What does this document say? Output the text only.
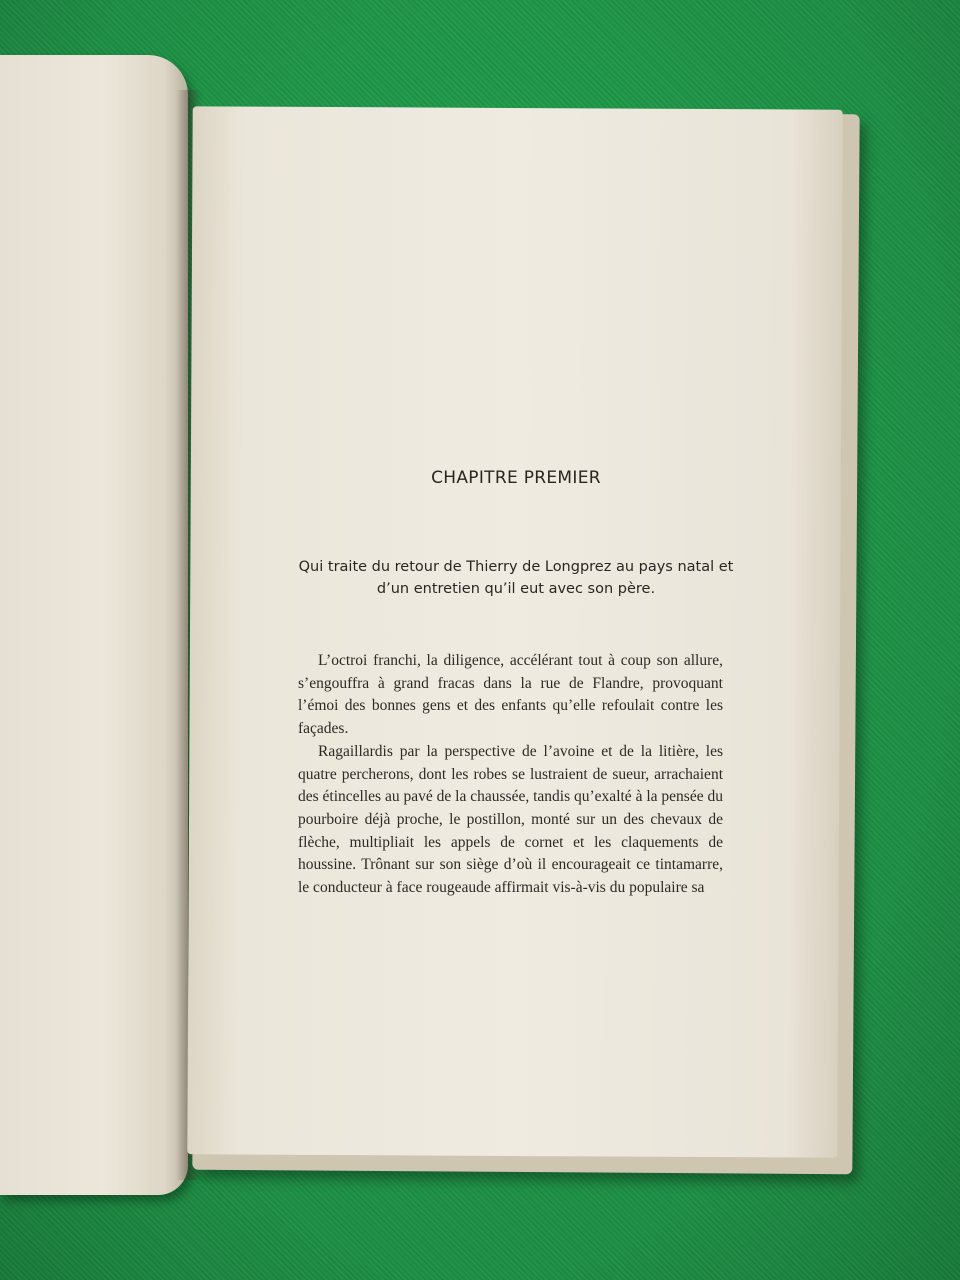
CHAPITRE PREMIER
Qui traite du retour de Thierry de Longprez au pays natal et d’un entretien qu’il eut avec son père.

L’octroi franchi, la diligence, accélérant tout à coup son allure, s’engouffra à grand fracas dans la rue de Flandre, provoquant l’émoi des bonnes gens et des enfants qu’elle refoulait contre les façades.

Ragaillardis par la perspective de l’avoine et de la litière, les quatre percherons, dont les robes se lustraient de sueur, arrachaient des étincelles au pavé de la chaussée, tandis qu’exalté à la pensée du pourboire déjà proche, le postillon, monté sur un des chevaux de flèche, multipliait les appels de cornet et les claquements de houssine. Trônant sur son siège d’où il encourageait ce tintamarre, le conducteur à face rougeaude affirmait vis-à-vis du populaire sa
